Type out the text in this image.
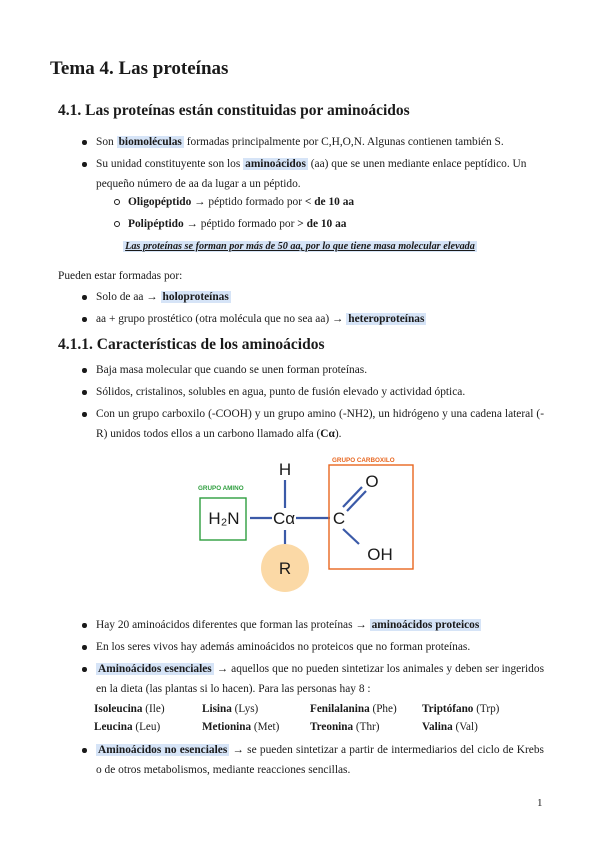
Tema 4. Las proteínas
4.1. Las proteínas están constituidas por aminoácidos
Son biomoléculas formadas principalmente por C,H,O,N. Algunas contienen también S.
Su unidad constituyente son los aminoácidos (aa) que se unen mediante enlace peptídico. Un pequeño número de aa da lugar a un péptido.
Oligopéptido → péptido formado por < de 10 aa
Polipéptido → péptido formado por > de 10 aa
Las proteínas se forman por más de 50 aa, por lo que tiene masa molecular elevada
Pueden estar formadas por:
Solo de aa → holoproteínas
aa + grupo prostético (otra molécula que no sea aa) → heteroproteínas
4.1.1. Características de los aminoácidos
Baja masa molecular que cuando se unen forman proteínas.
Sólidos, cristalinos, solubles en agua, punto de fusión elevado y actividad óptica.
Con un grupo carboxilo (-COOH) y un grupo amino (-NH2), un hidrógeno y una cadena lateral (-R) unidos todos ellos a un carbono llamado alfa (Cα).
GRUPO AMINO
GRUPO CARBOXILO
H
H₂N Cα C
O
OH
R
Hay 20 aminoácidos diferentes que forman las proteínas → aminoácidos proteicos
En los seres vivos hay además aminoácidos no proteicos que no forman proteínas.
Aminoácidos esenciales → aquellos que no pueden sintetizar los animales y deben ser ingeridos en la dieta (las plantas si lo hacen). Para las personas hay 8 :
Isoleucina (Ile)	Lisina (Lys)	Fenilalanina (Phe)	Triptófano (Trp)
Leucina (Leu)	Metionina (Met)	Treonina (Thr)	Valina (Val)
Aminoácidos no esenciales → se pueden sintetizar a partir de intermediarios del ciclo de Krebs o de otros metabolismos, mediante reacciones sencillas.
1
